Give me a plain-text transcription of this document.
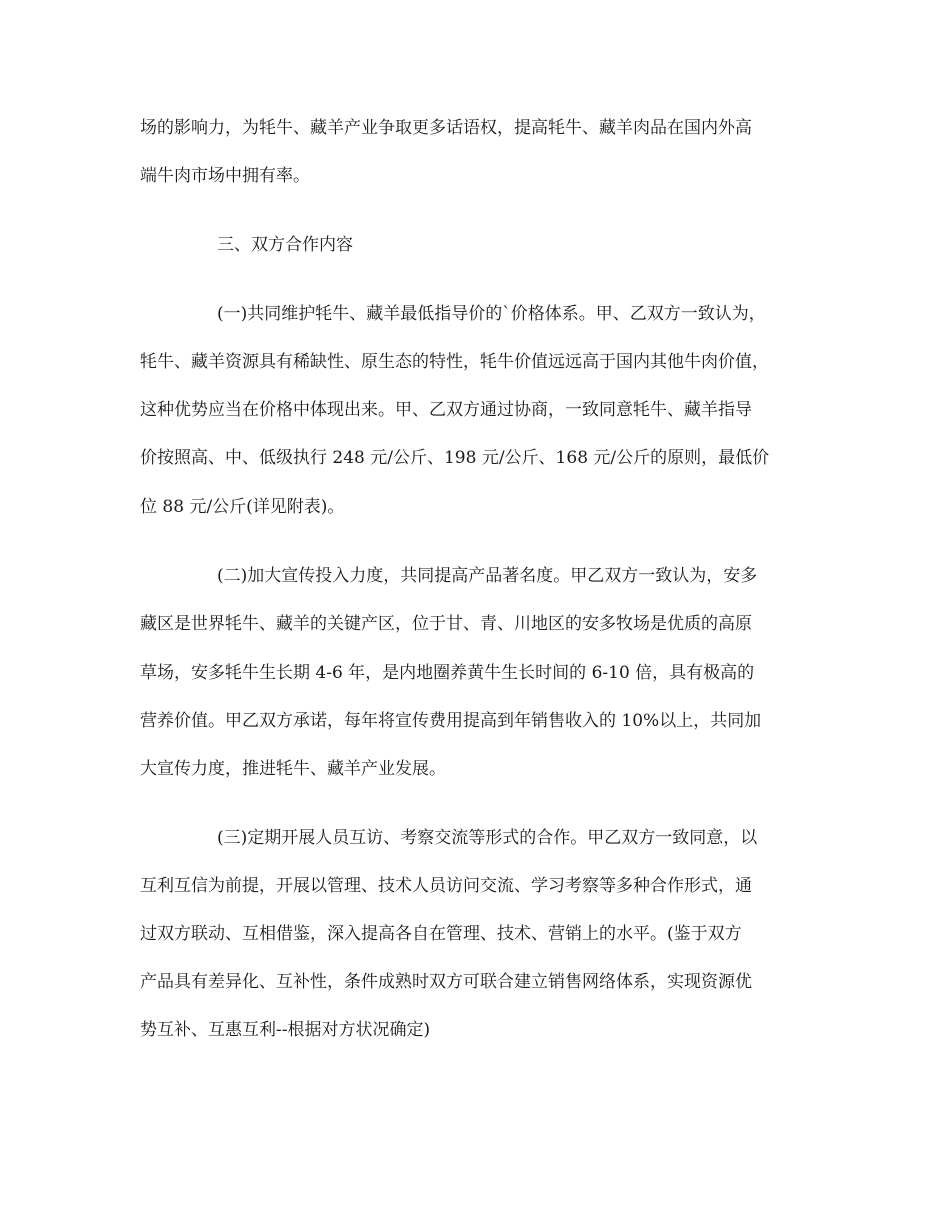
场的影响力，为牦牛、藏羊产业争取更多话语权，提高牦牛、藏羊肉品在国内外高
端牛肉市场中拥有率。
三、双方合作内容
(一)共同维护牦牛、藏羊最低指导价的`价格体系。甲、乙双方一致认为，
牦牛、藏羊资源具有稀缺性、原生态的特性，牦牛价值远远高于国内其他牛肉价值，
这种优势应当在价格中体现出来。甲、乙双方通过协商，一致同意牦牛、藏羊指导
价按照高、中、低级执行 248 元/公斤、198 元/公斤、168 元/公斤的原则，最低价
位 88 元/公斤(详见附表)。
(二)加大宣传投入力度，共同提高产品著名度。甲乙双方一致认为，安多
藏区是世界牦牛、藏羊的关键产区，位于甘、青、川地区的安多牧场是优质的高原
草场，安多牦牛生长期 4-6 年，是内地圈养黄牛生长时间的 6-10 倍，具有极高的
营养价值。甲乙双方承诺，每年将宣传费用提高到年销售收入的 10%以上，共同加
大宣传力度，推进牦牛、藏羊产业发展。
(三)定期开展人员互访、考察交流等形式的合作。甲乙双方一致同意，以
互利互信为前提，开展以管理、技术人员访问交流、学习考察等多种合作形式，通
过双方联动、互相借鉴，深入提高各自在管理、技术、营销上的水平。(鉴于双方
产品具有差异化、互补性，条件成熟时双方可联合建立销售网络体系，实现资源优
势互补、互惠互利--根据对方状况确定)
